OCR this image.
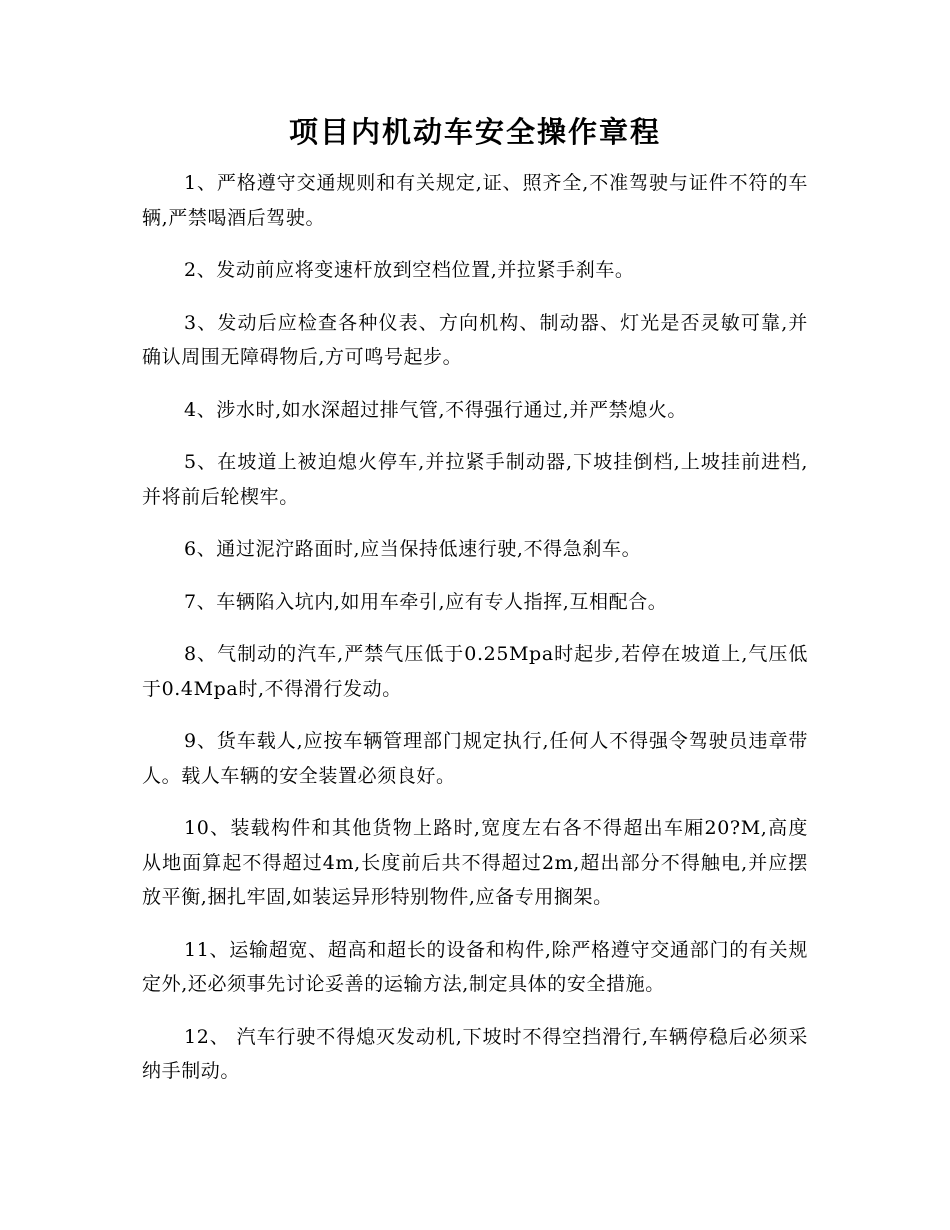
项目内机动车安全操作章程

1、严格遵守交通规则和有关规定,证、照齐全,不准驾驶与证件不符的车辆,严禁喝酒后驾驶。

2、发动前应将变速杆放到空档位置,并拉紧手刹车。

3、发动后应检查各种仪表、方向机构、制动器、灯光是否灵敏可靠,并确认周围无障碍物后,方可鸣号起步。

4、涉水时,如水深超过排气管,不得强行通过,并严禁熄火。

5、在坡道上被迫熄火停车,并拉紧手制动器,下坡挂倒档,上坡挂前进档,并将前后轮楔牢。

6、通过泥泞路面时,应当保持低速行驶,不得急刹车。

7、车辆陷入坑内,如用车牵引,应有专人指挥,互相配合。

8、气制动的汽车,严禁气压低于0.25Mpa时起步,若停在坡道上,气压低于0.4Mpa时,不得滑行发动。

9、货车载人,应按车辆管理部门规定执行,任何人不得强令驾驶员违章带人。载人车辆的安全装置必须良好。

10、装载构件和其他货物上路时,宽度左右各不得超出车厢20?M,高度从地面算起不得超过4m,长度前后共不得超过2m,超出部分不得触电,并应摆放平衡,捆扎牢固,如装运异形特别物件,应备专用搁架。

11、运输超宽、超高和超长的设备和构件,除严格遵守交通部门的有关规定外,还必须事先讨论妥善的运输方法,制定具体的安全措施。

12、 汽车行驶不得熄灭发动机,下坡时不得空挡滑行,车辆停稳后必须采纳手制动。
